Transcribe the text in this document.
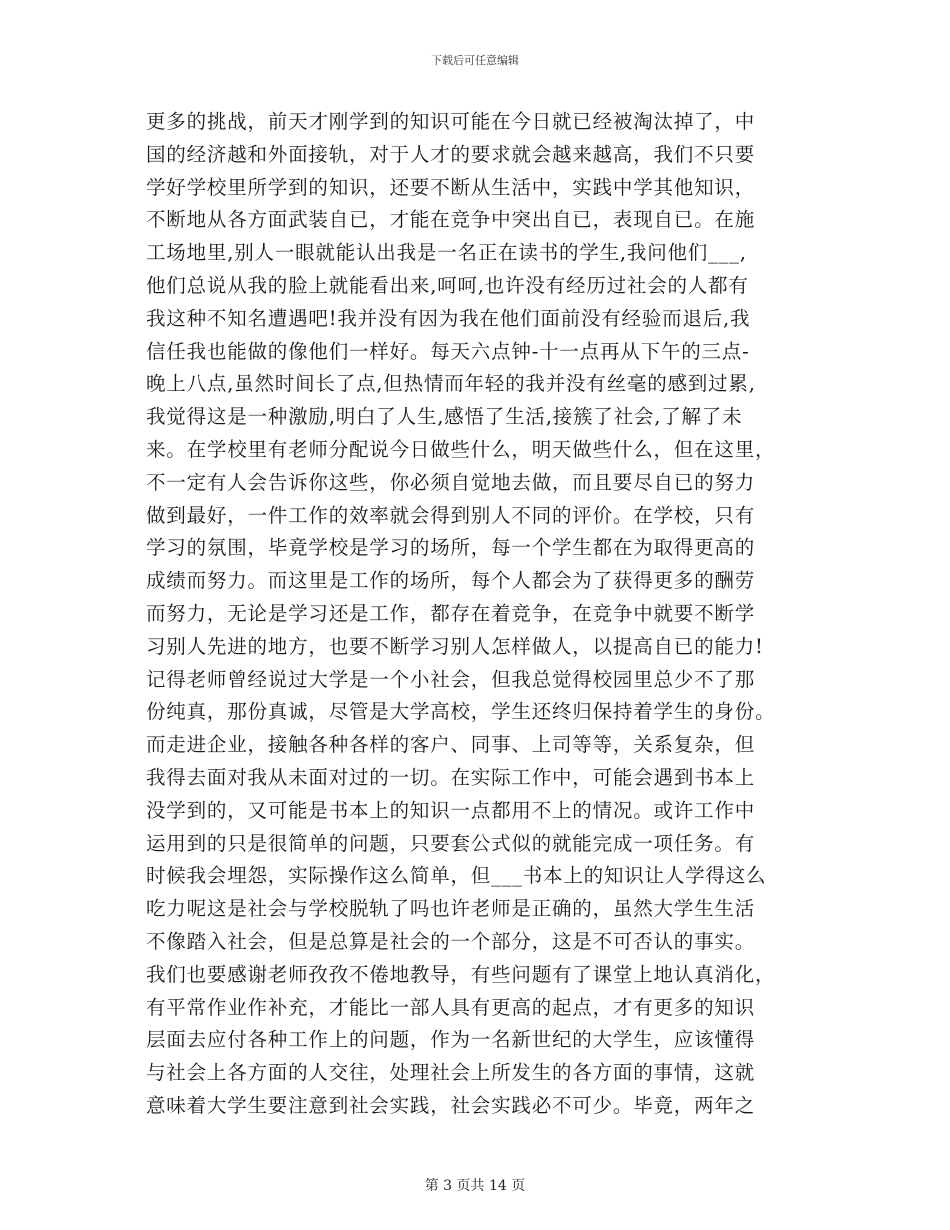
下载后可任意编辑
更多的挑战，前天才刚学到的知识可能在今日就已经被淘汰掉了，中
国的经济越和外面接轨，对于人才的要求就会越来越高，我们不只要
学好学校里所学到的知识，还要不断从生活中，实践中学其他知识，
不断地从各方面武装自已，才能在竞争中突出自已，表现自已。在施
工场地里,别人一眼就能认出我是一名正在读书的学生,我问他们___,
他们总说从我的脸上就能看出来,呵呵,也许没有经历过社会的人都有
我这种不知名遭遇吧!我并没有因为我在他们面前没有经验而退后,我
信任我也能做的像他们一样好。每天六点钟-十一点再从下午的三点-
晚上八点,虽然时间长了点,但热情而年轻的我并没有丝毫的感到过累,
我觉得这是一种激励,明白了人生,感悟了生活,接簇了社会,了解了未
来。在学校里有老师分配说今日做些什么，明天做些什么，但在这里，
不一定有人会告诉你这些，你必须自觉地去做，而且要尽自已的努力
做到最好，一件工作的效率就会得到别人不同的评价。在学校，只有
学习的氛围，毕竟学校是学习的场所，每一个学生都在为取得更高的
成绩而努力。而这里是工作的场所，每个人都会为了获得更多的酬劳
而努力，无论是学习还是工作，都存在着竞争，在竞争中就要不断学
习别人先进的地方，也要不断学习别人怎样做人，以提高自已的能力!
记得老师曾经说过大学是一个小社会，但我总觉得校园里总少不了那
份纯真，那份真诚，尽管是大学高校，学生还终归保持着学生的身份。
而走进企业，接触各种各样的客户、同事、上司等等，关系复杂，但
我得去面对我从未面对过的一切。在实际工作中，可能会遇到书本上
没学到的，又可能是书本上的知识一点都用不上的情况。或许工作中
运用到的只是很简单的问题，只要套公式似的就能完成一项任务。有
时候我会埋怨，实际操作这么简单，但___书本上的知识让人学得这么
吃力呢这是社会与学校脱轨了吗也许老师是正确的，虽然大学生生活
不像踏入社会，但是总算是社会的一个部分，这是不可否认的事实。
我们也要感谢老师孜孜不倦地教导，有些问题有了课堂上地认真消化，
有平常作业作补充，才能比一部人具有更高的起点，才有更多的知识
层面去应付各种工作上的问题，作为一名新世纪的大学生，应该懂得
与社会上各方面的人交往，处理社会上所发生的各方面的事情，这就
意味着大学生要注意到社会实践，社会实践必不可少。毕竟，两年之
第 3 页共 14 页
